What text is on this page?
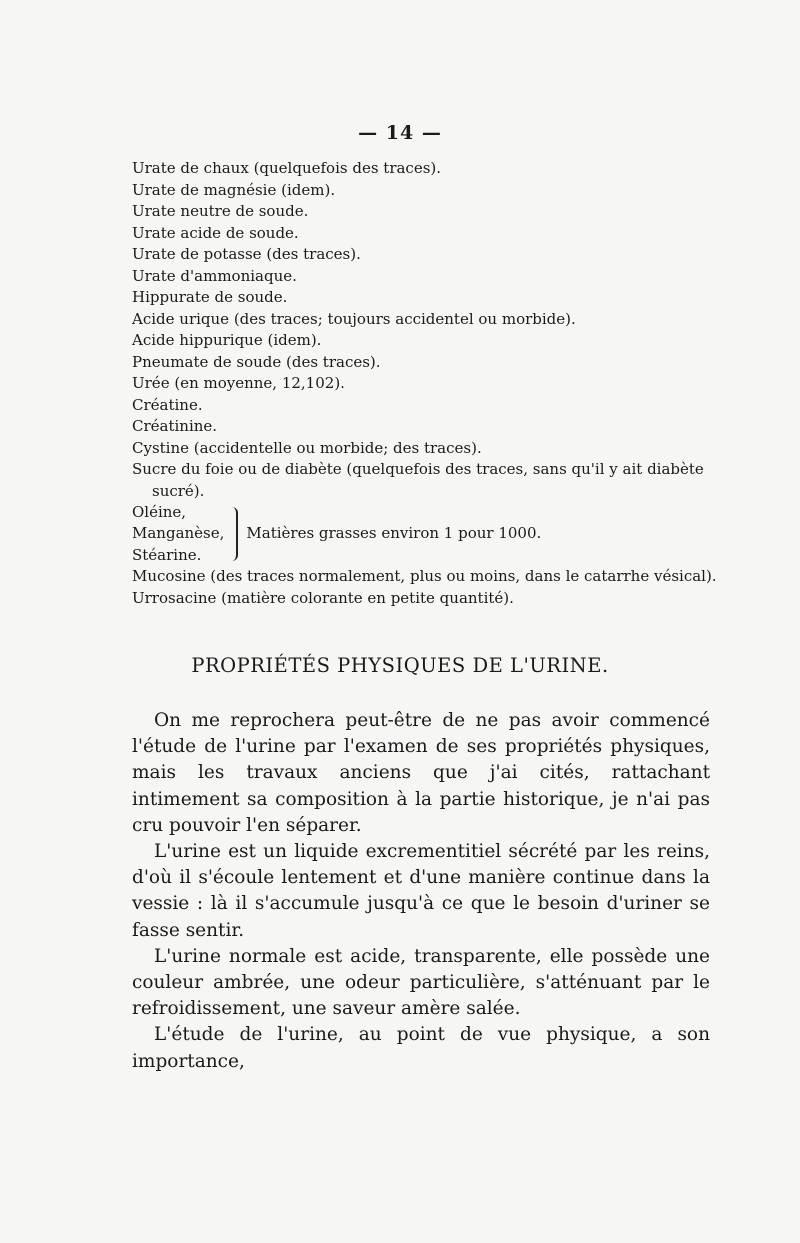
— 14 —
Urate de chaux (quelquefois des traces).
Urate de magnésie (idem).
Urate neutre de soude.
Urate acide de soude.
Urate de potasse (des traces).
Urate d'ammoniaque.
Hippurate de soude.
Acide urique (des traces; toujours accidentel ou morbide).
Acide hippurique (idem).
Pneumate de soude (des traces).
Urée (en moyenne, 12,102).
Créatine.
Créatinine.
Cystine (accidentelle ou morbide; des traces).
Sucre du foie ou de diabète (quelquefois des traces, sans qu'il y ait diabète sucré).
Oléine,
Manganèse,
Stéarine.
Matières grasses environ 1 pour 1000.
Mucosine (des traces normalement, plus ou moins, dans le catarrhe vésical).
Urrosacine (matière colorante en petite quantité).
PROPRIÉTÉS PHYSIQUES DE L'URINE.

On me reprochera peut-être de ne pas avoir commencé l'étude de l'urine par l'examen de ses propriétés physiques, mais les travaux anciens que j'ai cités, rattachant intimement sa composition à la partie historique, je n'ai pas cru pouvoir l'en séparer.

L'urine est un liquide excrementitiel sécrété par les reins, d'où il s'écoule lentement et d'une manière continue dans la vessie : là il s'accumule jusqu'à ce que le besoin d'uriner se fasse sentir.

L'urine normale est acide, transparente, elle possède une couleur ambrée, une odeur particulière, s'atténuant par le refroidissement, une saveur amère salée.

L'étude de l'urine, au point de vue physique, a son importance,
